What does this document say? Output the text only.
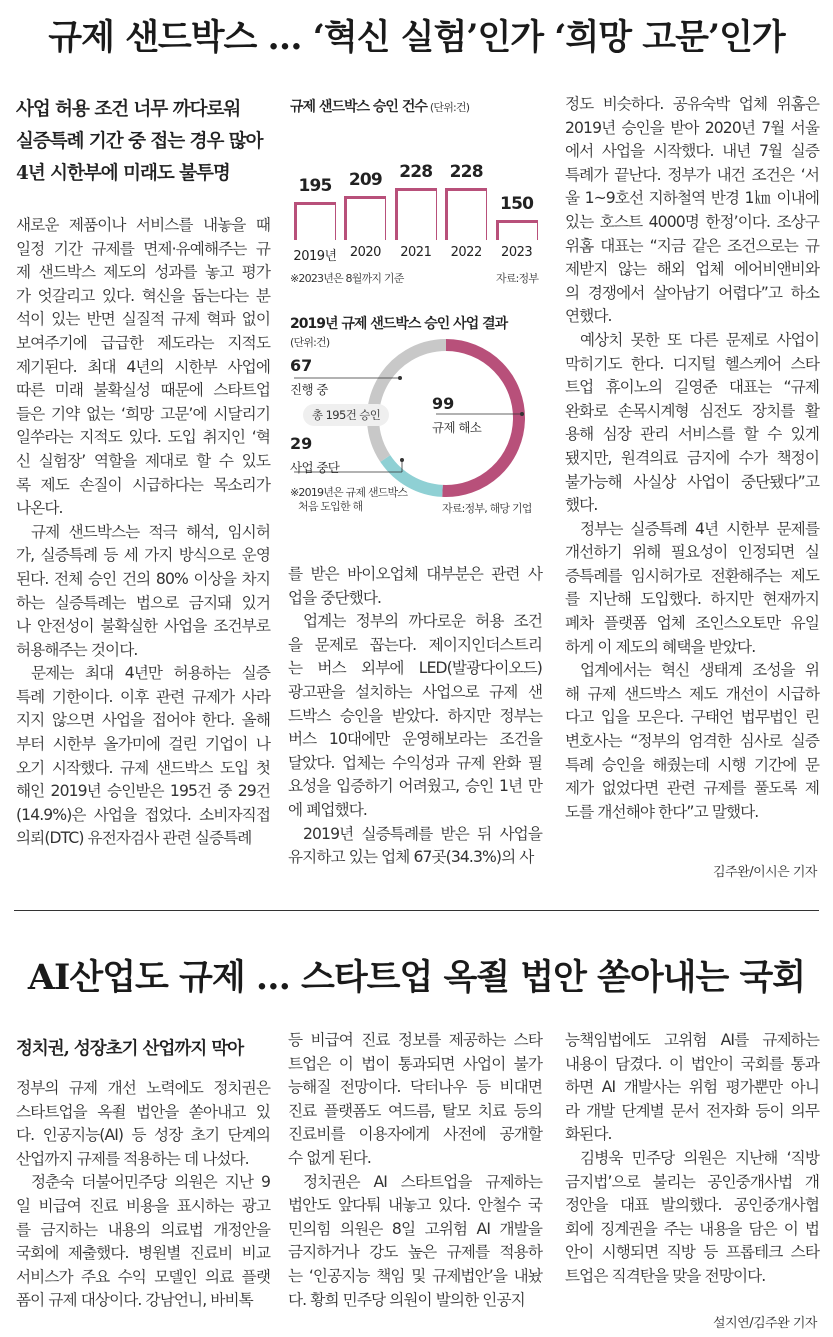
규제 샌드박스 … ‘혁신 실험’인가 ‘희망 고문’인가
사업 허용 조건 너무 까다로워
실증특례 기간 중 접는 경우 많아
4년 시한부에 미래도 불투명

새로운 제품이나 서비스를 내놓을 때

일정 기간 규제를 면제·유예해주는 규

제 샌드박스 제도의 성과를 놓고 평가

가 엇갈리고 있다. 혁신을 돕는다는 분

석이 있는 반면 실질적 규제 혁파 없이

보여주기에 급급한 제도라는 지적도

제기된다. 최대 4년의 시한부 사업에

따른 미래 불확실성 때문에 스타트업

들은 기약 없는 ‘희망 고문’에 시달리기

일쑤라는 지적도 있다. 도입 취지인 ‘혁

신 실험장’ 역할을 제대로 할 수 있도

록 제도 손질이 시급하다는 목소리가

나온다.

규제 샌드박스는 적극 해석, 임시허

가, 실증특례 등 세 가지 방식으로 운영

된다. 전체 승인 건의 80% 이상을 차지

하는 실증특례는 법으로 금지돼 있거

나 안전성이 불확실한 사업을 조건부로

허용해주는 것이다.

문제는 최대 4년만 허용하는 실증

특례 기한이다. 이후 관련 규제가 사라

지지 않으면 사업을 접어야 한다. 올해

부터 시한부 올가미에 걸린 기업이 나

오기 시작했다. 규제 샌드박스 도입 첫

해인 2019년 승인받은 195건 중 29건

(14.9%)은 사업을 접었다. 소비자직접

의뢰(DTC) 유전자검사 관련 실증특례

를 받은 바이오업체 대부분은 관련 사

업을 중단했다.

업계는 정부의 까다로운 허용 조건

을 문제로 꼽는다. 제이지인더스트리

는 버스 외부에 LED(발광다이오드)

광고판을 설치하는 사업으로 규제 샌

드박스 승인을 받았다. 하지만 정부는

버스 10대에만 운영해보라는 조건을

달았다. 업체는 수익성과 규제 완화 필

요성을 입증하기 어려웠고, 승인 1년 만

에 폐업했다.

2019년 실증특례를 받은 뒤 사업을

유지하고 있는 업체 67곳(34.3%)의 사

정도 비슷하다. 공유숙박 업체 위홈은

2019년 승인을 받아 2020년 7월 서울

에서 사업을 시작했다. 내년 7월 실증

특례가 끝난다. 정부가 내건 조건은 ‘서

울 1~9호선 지하철역 반경 1㎞ 이내에

있는 호스트 4000명 한정’이다. 조상구

위홈 대표는 “지금 같은 조건으로는 규

제받지 않는 해외 업체 에어비앤비와

의 경쟁에서 살아남기 어렵다”고 하소

연했다.

예상치 못한 또 다른 문제로 사업이

막히기도 한다. 디지털 헬스케어 스타

트업 휴이노의 길영준 대표는 “규제

완화로 손목시계형 심전도 장치를 활

용해 심장 관리 서비스를 할 수 있게

됐지만, 원격의료 금지에 수가 책정이

불가능해 사실상 사업이 중단됐다”고

했다.

정부는 실증특례 4년 시한부 문제를

개선하기 위해 필요성이 인정되면 실

증특례를 임시허가로 전환해주는 제도

를 지난해 도입했다. 하지만 현재까지

폐차 플랫폼 업체 조인스오토만 유일

하게 이 제도의 혜택을 받았다.

업계에서는 혁신 생태계 조성을 위

해 규제 샌드박스 제도 개선이 시급하

다고 입을 모은다. 구태언 법무법인 린

변호사는 “정부의 엄격한 심사로 실증

특례 승인을 해줬는데 시행 기간에 문

제가 없었다면 관련 규제를 풀도록 제

도를 개선해야 한다”고 말했다.

김주완/이시은 기자
규제 샌드박스 승인 건수 (단위:건)
195
2019년
209
2020
228
2021
228
2022
150
2023
※2023년은 8월까지 기준	자료:정부
2019년 규제 샌드박스 승인 사업 결과
(단위:건)
67
진행 중
총 195건 승인
99
규제 해소
29
사업 중단
※2019년은 규제 샌드박스
처음 도입한 해	자료:정부, 해당 기업
AI산업도 규제 … 스타트업 옥죌 법안 쏟아내는 국회
정치권, 성장초기 산업까지 막아

정부의 규제 개선 노력에도 정치권은

스타트업을 옥죌 법안을 쏟아내고 있

다. 인공지능(AI) 등 성장 초기 단계의

산업까지 규제를 적용하는 데 나섰다.

정춘숙 더불어민주당 의원은 지난 9

일 비급여 진료 비용을 표시하는 광고

를 금지하는 내용의 의료법 개정안을

국회에 제출했다. 병원별 진료비 비교

서비스가 주요 수익 모델인 의료 플랫

폼이 규제 대상이다. 강남언니, 바비톡

등 비급여 진료 정보를 제공하는 스타

트업은 이 법이 통과되면 사업이 불가

능해질 전망이다. 닥터나우 등 비대면

진료 플랫폼도 여드름, 탈모 치료 등의

진료비를 이용자에게 사전에 공개할

수 없게 된다.

정치권은 AI 스타트업을 규제하는

법안도 앞다퉈 내놓고 있다. 안철수 국

민의힘 의원은 8일 고위험 AI 개발을

금지하거나 강도 높은 규제를 적용하

는 ‘인공지능 책임 및 규제법안’을 내놨

다. 황희 민주당 의원이 발의한 인공지

능책임법에도 고위험 AI를 규제하는

내용이 담겼다. 이 법안이 국회를 통과

하면 AI 개발사는 위험 평가뿐만 아니

라 개발 단계별 문서 전자화 등이 의무

화된다.

김병욱 민주당 의원은 지난해 ‘직방

금지법’으로 불리는 공인중개사법 개

정안을 대표 발의했다. 공인중개사협

회에 징계권을 주는 내용을 담은 이 법

안이 시행되면 직방 등 프롭테크 스타

트업은 직격탄을 맞을 전망이다.

설지연/김주완 기자
